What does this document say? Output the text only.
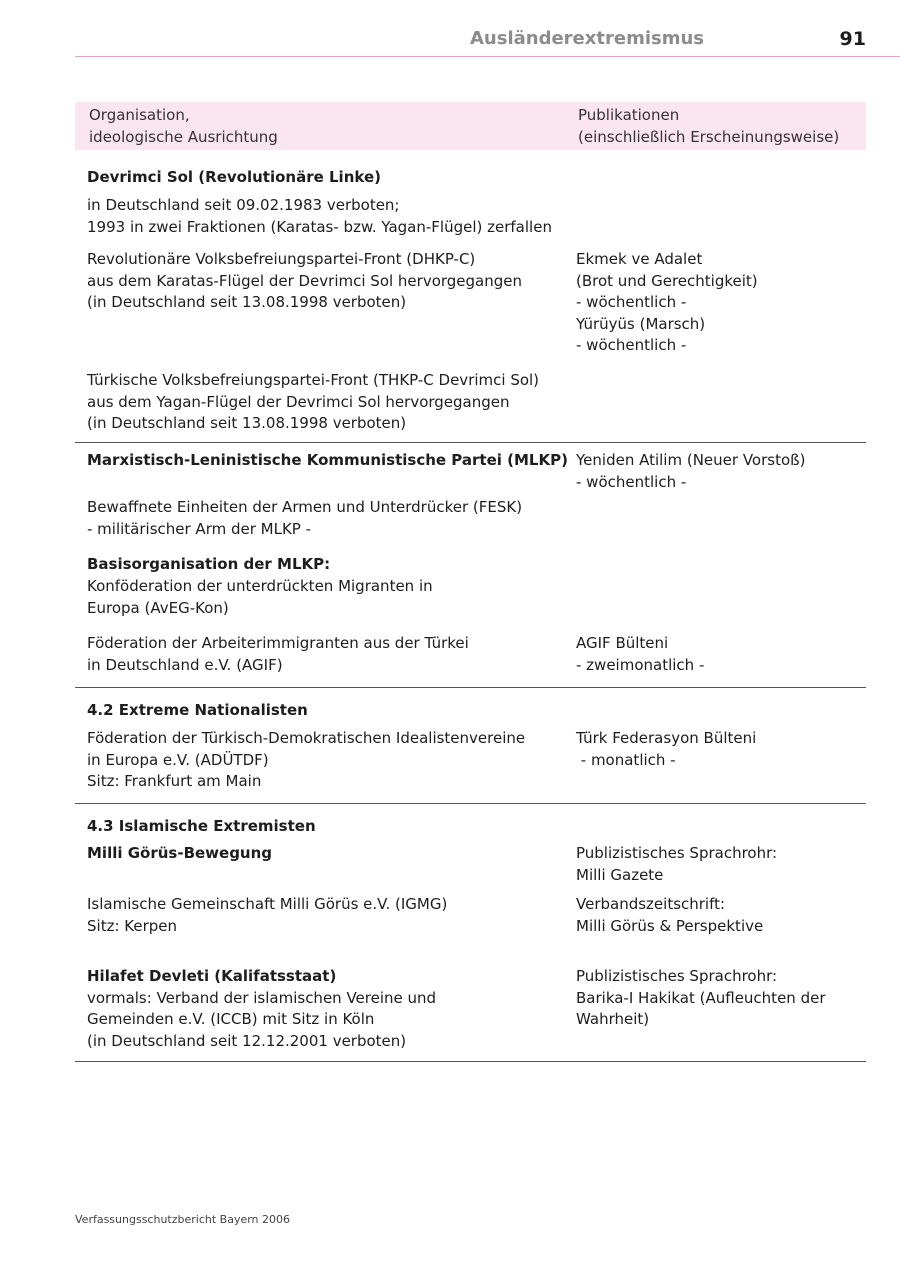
Ausländerextremismus	91
Organisation,
ideologische Ausrichtung
Publikationen
(einschließlich Erscheinungsweise)
Devrimci Sol (Revolutionäre Linke)
in Deutschland seit 09.02.1983 verboten;
1993 in zwei Fraktionen (Karatas- bzw. Yagan-Flügel) zerfallen
Revolutionäre Volksbefreiungspartei-Front (DHKP-C)
aus dem Karatas-Flügel der Devrimci Sol hervorgegangen
(in Deutschland seit 13.08.1998 verboten)
Ekmek ve Adalet
(Brot und Gerechtigkeit)
- wöchentlich -
Yürüyüs (Marsch)
- wöchentlich -
Türkische Volksbefreiungspartei-Front (THKP-C Devrimci Sol)
aus dem Yagan-Flügel der Devrimci Sol hervorgegangen
(in Deutschland seit 13.08.1998 verboten)
Marxistisch-Leninistische Kommunistische Partei (MLKP) Yeniden Atilim (Neuer Vorstoß)
- wöchentlich -
Bewaffnete Einheiten der Armen und Unterdrücker (FESK)
- militärischer Arm der MLKP -
Basisorganisation der MLKP:
Konföderation der unterdrückten Migranten in
Europa (AvEG-Kon)
Föderation der Arbeiterimmigranten aus der Türkei
in Deutschland e.V. (AGIF)
AGIF Bülteni
- zweimonatlich -
4.2 Extreme Nationalisten
Föderation der Türkisch-Demokratischen Idealistenvereine
in Europa e.V. (ADÜTDF)
Sitz: Frankfurt am Main
Türk Federasyon Bülteni
- monatlich -
4.3 Islamische Extremisten
Milli Görüs-Bewegung	Publizistisches Sprachrohr:
Milli Gazete
Islamische Gemeinschaft Milli Görüs e.V. (IGMG)
Sitz: Kerpen
Verbandszeitschrift:
Milli Görüs & Perspektive
Hilafet Devleti (Kalifatsstaat)
vormals: Verband der islamischen Vereine und
Gemeinden e.V. (ICCB) mit Sitz in Köln
(in Deutschland seit 12.12.2001 verboten)
Publizistisches Sprachrohr:
Barika-I Hakikat (Aufleuchten der
Wahrheit)
Verfassungsschutzbericht Bayern 2006
